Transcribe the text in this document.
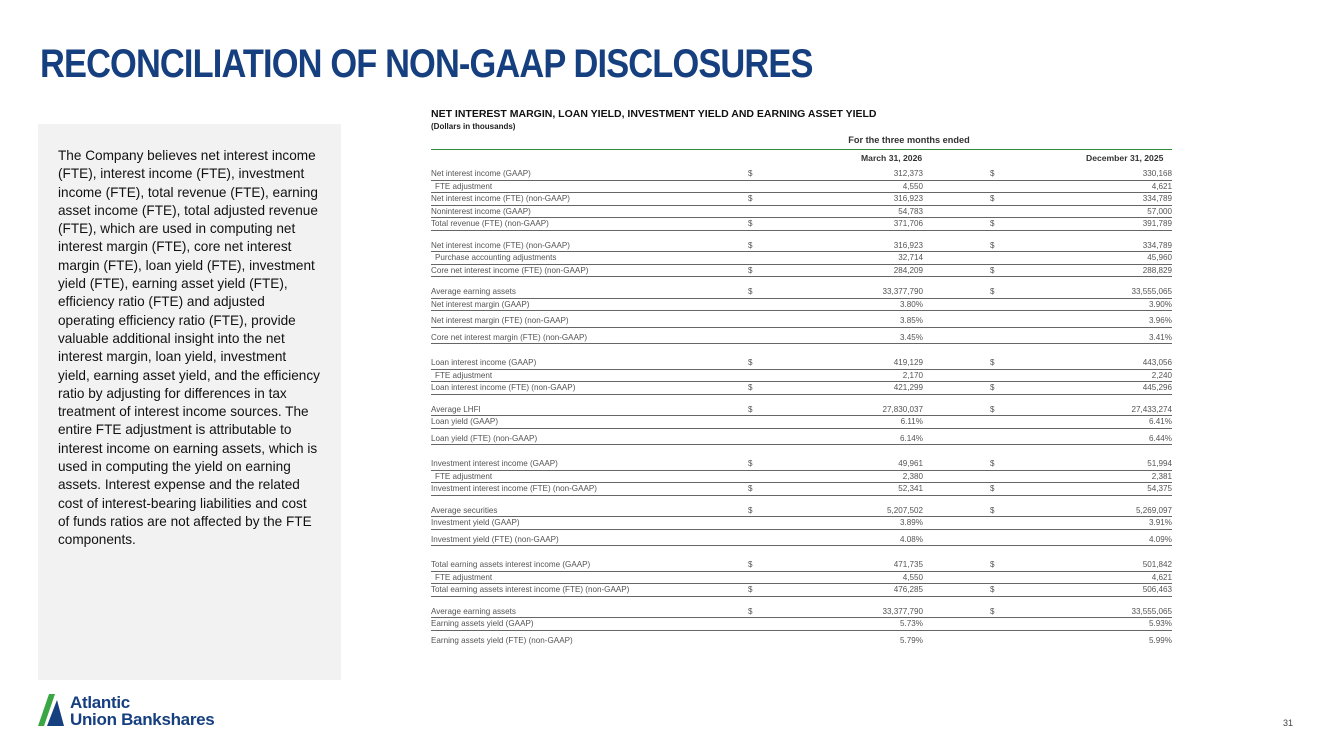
RECONCILIATION OF NON-GAAP DISCLOSURES

The Company believes net interest income (FTE), interest income (FTE), investment income (FTE), total revenue (FTE), earning asset income (FTE), total adjusted revenue (FTE), which are used in computing net interest margin (FTE), core net interest margin (FTE), loan yield (FTE), investment yield (FTE), earning asset yield (FTE), efficiency ratio (FTE) and adjusted operating efficiency ratio (FTE), provide valuable additional insight into the net interest margin, loan yield, investment yield, earning asset yield, and the efficiency ratio by adjusting for differences in tax treatment of interest income sources. The entire FTE adjustment is attributable to interest income on earning assets, which is used in computing the yield on earning assets. Interest expense and the related cost of interest-bearing liabilities and cost of funds ratios are not affected by the FTE components.

NET INTEREST MARGIN, LOAN YIELD, INVESTMENT YIELD AND EARNING ASSET YIELD

(Dollars in thousands)

For the three months ended
March 31, 2026	December 31, 2025
Net interest income (GAAP)	$	312,373	$	330,168
FTE adjustment	4,550	4,621
Net interest income (FTE) (non-GAAP)	$	316,923	$	334,789
Noninterest income (GAAP)	54,783	57,000
Total revenue (FTE) (non-GAAP)	$	371,706	$	391,789
Net interest income (FTE) (non-GAAP)	$	316,923	$	334,789
Purchase accounting adjustments	32,714	45,960
Core net interest income (FTE) (non-GAAP)	$	284,209	$	288,829
Average earning assets	$	33,377,790	$	33,555,065
Net interest margin (GAAP)	3.80%	3.90%
Net interest margin (FTE) (non-GAAP)	3.85%	3.96%
Core net interest margin (FTE) (non-GAAP)	3.45%	3.41%
Loan interest income (GAAP)	$	419,129	$	443,056
FTE adjustment	2,170	2,240
Loan interest income (FTE) (non-GAAP)	$	421,299	$	445,296
Average LHFI	$	27,830,037	$	27,433,274
Loan yield (GAAP)	6.11%	6.41%
Loan yield (FTE) (non-GAAP)	6.14%	6.44%
Investment interest income (GAAP)	$	49,961	$	51,994
FTE adjustment	2,380	2,381
Investment interest income (FTE) (non-GAAP)	$	52,341	$	54,375
Average securities	$	5,207,502	$	5,269,097
Investment yield (GAAP)	3.89%	3.91%
Investment yield (FTE) (non-GAAP)	4.08%	4.09%
Total earning assets interest income (GAAP)	$	471,735	$	501,842
FTE adjustment	4,550	4,621
Total earning assets interest income (FTE) (non-GAAP)	$	476,285	$	506,463
Average earning assets	$	33,377,790	$	33,555,065
Earning assets yield (GAAP)	5.73%	5.93%
Earning assets yield (FTE) (non-GAAP)	5.79%	5.99%
Atlantic
Union Bankshares	31
